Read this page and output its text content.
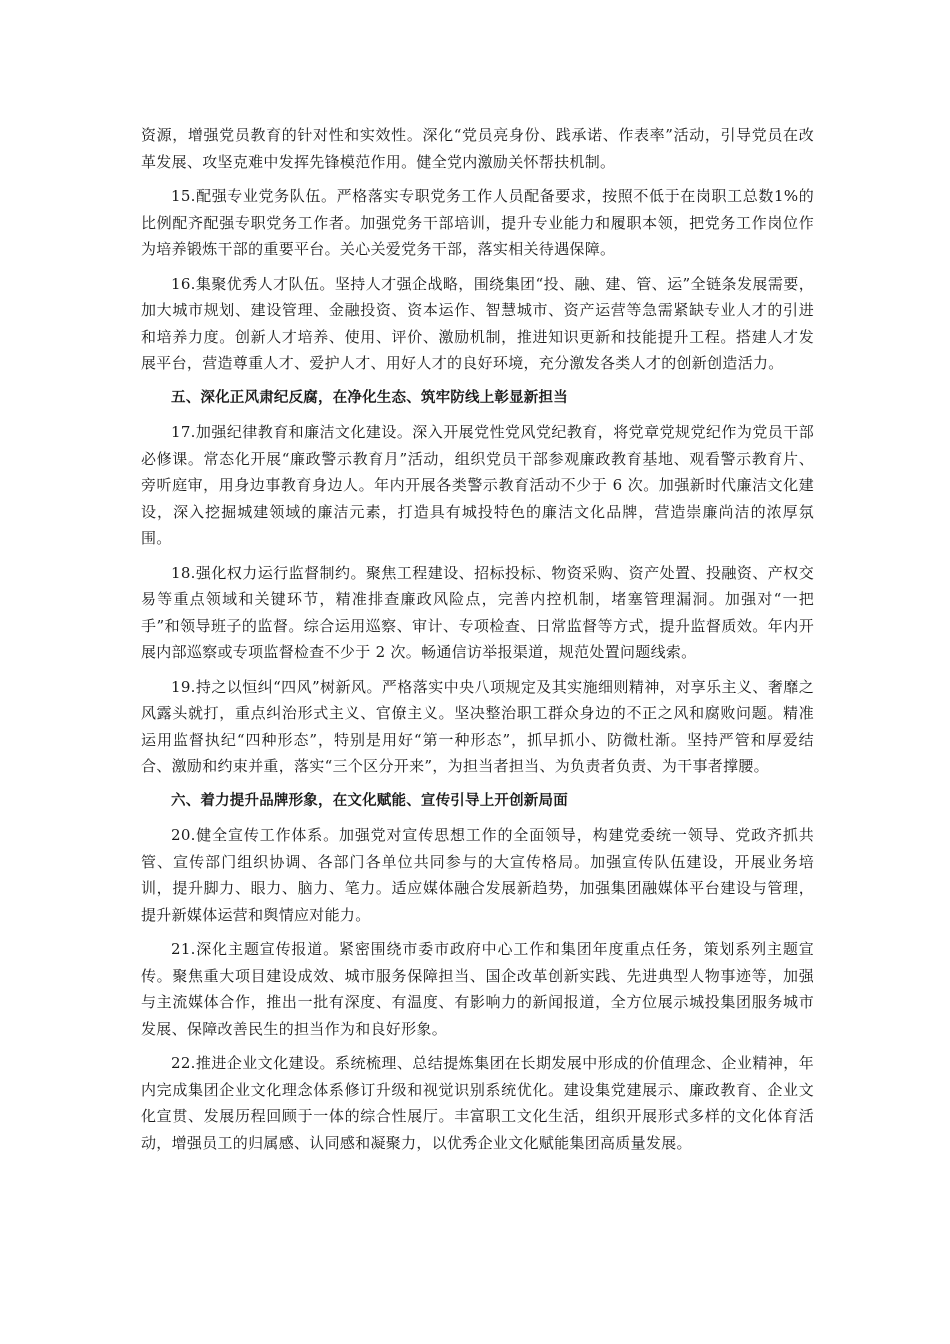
资源，增强党员教育的针对性和实效性。深化“党员亮身份、践承诺、作表率”活动，引导党员在改革发展、攻坚克难中发挥先锋模范作用。健全党内激励关怀帮扶机制。

15.配强专业党务队伍。严格落实专职党务工作人员配备要求，按照不低于在岗职工总数1%的比例配齐配强专职党务工作者。加强党务干部培训，提升专业能力和履职本领，把党务工作岗位作为培养锻炼干部的重要平台。关心关爱党务干部，落实相关待遇保障。

16.集聚优秀人才队伍。坚持人才强企战略，围绕集团“投、融、建、管、运”全链条发展需要，加大城市规划、建设管理、金融投资、资本运作、智慧城市、资产运营等急需紧缺专业人才的引进和培养力度。创新人才培养、使用、评价、激励机制，推进知识更新和技能提升工程。搭建人才发展平台，营造尊重人才、爱护人才、用好人才的良好环境，充分激发各类人才的创新创造活力。

五、深化正风肃纪反腐，在净化生态、筑牢防线上彰显新担当

17.加强纪律教育和廉洁文化建设。深入开展党性党风党纪教育，将党章党规党纪作为党员干部必修课。常态化开展“廉政警示教育月”活动，组织党员干部参观廉政教育基地、观看警示教育片、旁听庭审，用身边事教育身边人。年内开展各类警示教育活动不少于 6 次。加强新时代廉洁文化建设，深入挖掘城建领域的廉洁元素，打造具有城投特色的廉洁文化品牌，营造崇廉尚洁的浓厚氛围。

18.强化权力运行监督制约。聚焦工程建设、招标投标、物资采购、资产处置、投融资、产权交易等重点领域和关键环节，精准排查廉政风险点，完善内控机制，堵塞管理漏洞。加强对“一把手”和领导班子的监督。综合运用巡察、审计、专项检查、日常监督等方式，提升监督质效。年内开展内部巡察或专项监督检查不少于 2 次。畅通信访举报渠道，规范处置问题线索。

19.持之以恒纠“四风”树新风。严格落实中央八项规定及其实施细则精神，对享乐主义、奢靡之风露头就打，重点纠治形式主义、官僚主义。坚决整治职工群众身边的不正之风和腐败问题。精准运用监督执纪“四种形态”，特别是用好“第一种形态”，抓早抓小、防微杜渐。坚持严管和厚爱结合、激励和约束并重，落实“三个区分开来”，为担当者担当、为负责者负责、为干事者撑腰。

六、着力提升品牌形象，在文化赋能、宣传引导上开创新局面

20.健全宣传工作体系。加强党对宣传思想工作的全面领导，构建党委统一领导、党政齐抓共管、宣传部门组织协调、各部门各单位共同参与的大宣传格局。加强宣传队伍建设，开展业务培训，提升脚力、眼力、脑力、笔力。适应媒体融合发展新趋势，加强集团融媒体平台建设与管理，提升新媒体运营和舆情应对能力。

21.深化主题宣传报道。紧密围绕市委市政府中心工作和集团年度重点任务，策划系列主题宣传。聚焦重大项目建设成效、城市服务保障担当、国企改革创新实践、先进典型人物事迹等，加强与主流媒体合作，推出一批有深度、有温度、有影响力的新闻报道，全方位展示城投集团服务城市发展、保障改善民生的担当作为和良好形象。

22.推进企业文化建设。系统梳理、总结提炼集团在长期发展中形成的价值理念、企业精神，年内完成集团企业文化理念体系修订升级和视觉识别系统优化。建设集党建展示、廉政教育、企业文化宣贯、发展历程回顾于一体的综合性展厅。丰富职工文化生活，组织开展形式多样的文化体育活动，增强员工的归属感、认同感和凝聚力，以优秀企业文化赋能集团高质量发展。
